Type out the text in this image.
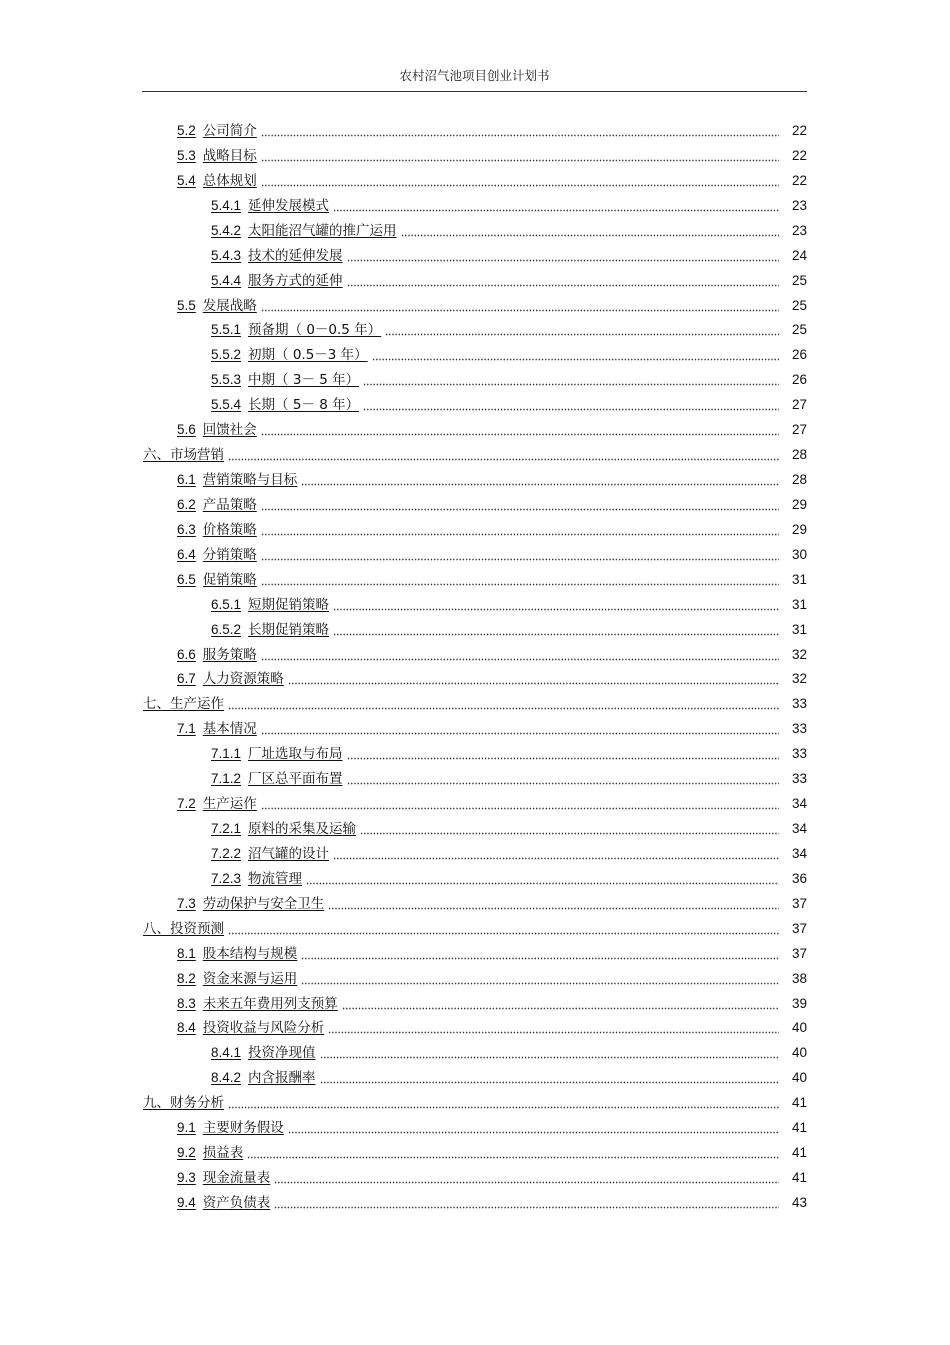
农村沼气池项目创业计划书
5.2 公司简介	22
5.3 战略目标	22
5.4 总体规划	22
5.4.1 延伸发展模式	23
5.4.2 太阳能沼气罐的推广运用	23
5.4.3 技术的延伸发展	24
5.4.4 服务方式的延伸	25
5.5 发展战略	25
5.5.1 预备期（ 0－0.5 年）	25
5.5.2 初期（ 0.5－3 年）	26
5.5.3 中期（ 3－ 5 年）	26
5.5.4 长期（ 5－ 8 年）	27
5.6 回馈社会	27
六、市场营销	28
6.1 营销策略与目标	28
6.2 产品策略	29
6.3 价格策略	29
6.4 分销策略	30
6.5 促销策略	31
6.5.1 短期促销策略	31
6.5.2 长期促销策略	31
6.6 服务策略	32
6.7 人力资源策略	32
七、生产运作	33
7.1 基本情况	33
7.1.1 厂址选取与布局	33
7.1.2 厂区总平面布置	33
7.2 生产运作	34
7.2.1 原料的采集及运输	34
7.2.2 沼气罐的设计	34
7.2.3 物流管理	36
7.3 劳动保护与安全卫生	37
八、投资预测	37
8.1 股本结构与规模	37
8.2 资金来源与运用	38
8.3 未来五年费用列支预算	39
8.4 投资收益与风险分析	40
8.4.1 投资净现值	40
8.4.2 内含报酬率	40
九、财务分析	41
9.1 主要财务假设	41
9.2 损益表	41
9.3 现金流量表	41
9.4 资产负债表	43
